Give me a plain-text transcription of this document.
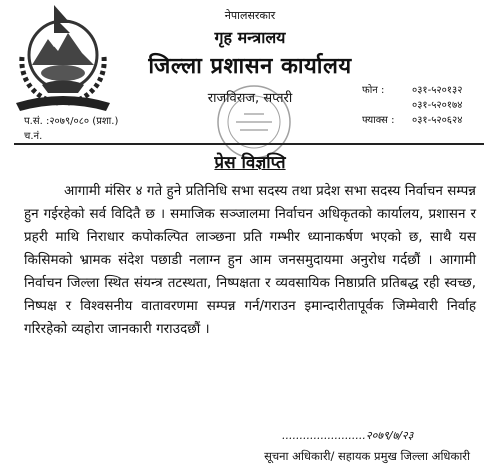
नेपालसरकार
गृह मन्त्रालय
जिल्ला प्रशासन कार्यालय
राजविराज, सप्तरी
फोन :	०३१-५२०१३२
०३१-५२०१७४
फ्याक्स : ०३१-५२०६२४
प.सं. :२०७९/०८० (प्रशा.)
च.नं.
प्रेस विज्ञप्ति
आगामी मंसिर ४ गते हुने प्रतिनिधि सभा सदस्य तथा प्रदेश सभा सदस्य निर्वाचन सम्पन्न हुन गईरहेको सर्व विदितै छ । समाजिक सञ्जालमा निर्वाचन अधिकृतको कार्यालय, प्रशासन र प्रहरी माथि निराधार कपोकल्पित लाञ्छना प्रति गम्भीर ध्यानाकर्षण भएको छ, साथै यस किसिमको भ्रामक संदेश पछाडी नलाग्न हुन आम जनसमुदायमा अनुरोध गर्दछौं । आगामी निर्वाचन जिल्ला स्थित संयन्त्र तटस्थता, निष्पक्षता र व्यवसायिक निष्ठाप्रति प्रतिबद्ध रही स्वच्छ, निष्पक्ष र विश्वसनीय वातावरणमा सम्पन्न गर्न/गराउन इमान्दारीतापूर्वक जिम्मेवारी निर्वाह गरिरहेको व्यहोरा जानकारी गराउदछौं ।
........................२०७९/७/२३
सूचना अधिकारी/ सहायक प्रमुख जिल्ला अधिकारी
